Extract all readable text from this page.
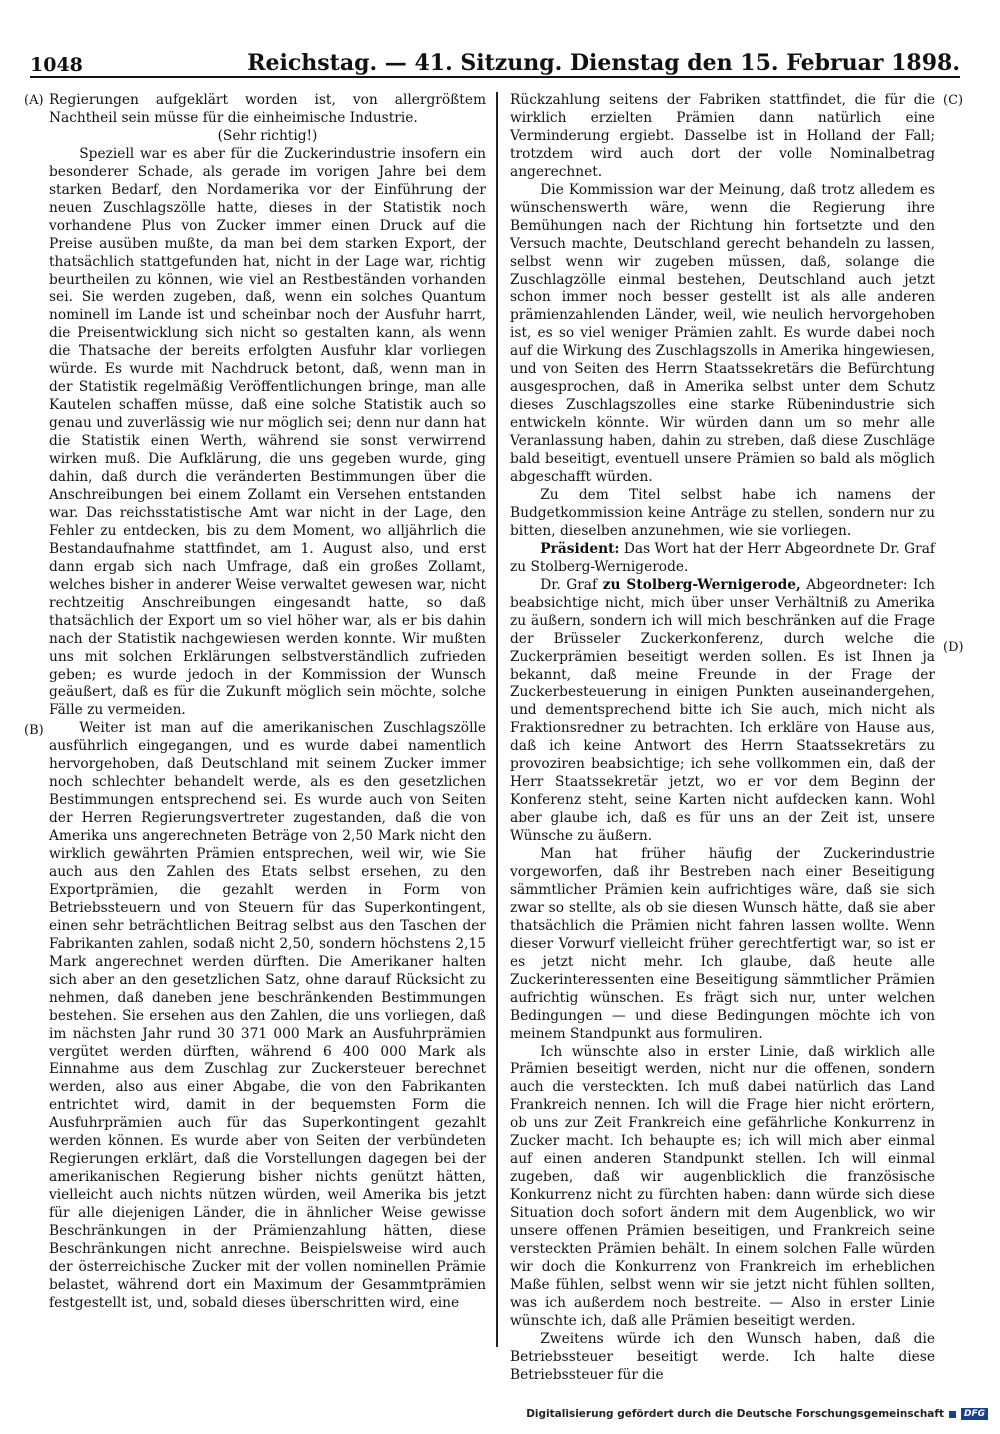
1048	Reichstag. — 41. Sitzung. Dienstag den 15. Februar 1898.
(A)
(B)
(C)
(D)

Regierungen aufgeklärt worden ist, von allergrößtem Nachtheil sein müsse für die einheimische Industrie.

(Sehr richtig!)

Speziell war es aber für die Zuckerindustrie insofern ein besonderer Schade, als gerade im vorigen Jahre bei dem starken Bedarf, den Nordamerika vor der Einführung der neuen Zuschlagszölle hatte, dieses in der Statistik noch vorhandene Plus von Zucker immer einen Druck auf die Preise ausüben mußte, da man bei dem starken Export, der thatsächlich stattgefunden hat, nicht in der Lage war, richtig beurtheilen zu können, wie viel an Restbeständen vorhanden sei. Sie werden zugeben, daß, wenn ein solches Quantum nominell im Lande ist und scheinbar noch der Ausfuhr harrt, die Preisentwicklung sich nicht so gestalten kann, als wenn die Thatsache der bereits erfolgten Ausfuhr klar vorliegen würde. Es wurde mit Nachdruck betont, daß, wenn man in der Statistik regelmäßig Veröffentlichungen bringe, man alle Kautelen schaffen müsse, daß eine solche Statistik auch so genau und zuverlässig wie nur möglich sei; denn nur dann hat die Statistik einen Werth, während sie sonst verwirrend wirken muß. Die Aufklärung, die uns gegeben wurde, ging dahin, daß durch die veränderten Bestimmungen über die Anschreibungen bei einem Zollamt ein Versehen entstanden war. Das reichsstatistische Amt war nicht in der Lage, den Fehler zu entdecken, bis zu dem Moment, wo alljährlich die Bestandaufnahme stattfindet, am 1. August also, und erst dann ergab sich nach Umfrage, daß ein großes Zollamt, welches bisher in anderer Weise verwaltet gewesen war, nicht rechtzeitig Anschreibungen eingesandt hatte, so daß thatsächlich der Export um so viel höher war, als er bis dahin nach der Statistik nachgewiesen werden konnte. Wir mußten uns mit solchen Erklärungen selbstverständlich zufrieden geben; es wurde jedoch in der Kommission der Wunsch geäußert, daß es für die Zukunft möglich sein möchte, solche Fälle zu vermeiden.

Weiter ist man auf die amerikanischen Zuschlagszölle ausführlich eingegangen, und es wurde dabei namentlich hervorgehoben, daß Deutschland mit seinem Zucker immer noch schlechter behandelt werde, als es den gesetzlichen Bestimmungen entsprechend sei. Es wurde auch von Seiten der Herren Regierungsvertreter zugestanden, daß die von Amerika uns angerechneten Beträge von 2,50 Mark nicht den wirklich gewährten Prämien entsprechen, weil wir, wie Sie auch aus den Zahlen des Etats selbst ersehen, zu den Exportprämien, die gezahlt werden in Form von Betriebssteuern und von Steuern für das Superkontingent, einen sehr beträchtlichen Beitrag selbst aus den Taschen der Fabrikanten zahlen, sodaß nicht 2,50, sondern höchstens 2,15 Mark angerechnet werden dürften. Die Amerikaner halten sich aber an den gesetzlichen Satz, ohne darauf Rücksicht zu nehmen, daß daneben jene beschränkenden Bestimmungen bestehen. Sie ersehen aus den Zahlen, die uns vorliegen, daß im nächsten Jahr rund 30 371 000 Mark an Ausfuhrprämien vergütet werden dürften, während 6 400 000 Mark als Einnahme aus dem Zuschlag zur Zuckersteuer berechnet werden, also aus einer Abgabe, die von den Fabrikanten entrichtet wird, damit in der bequemsten Form die Ausfuhrprämien auch für das Superkontingent gezahlt werden können. Es wurde aber von Seiten der verbündeten Regierungen erklärt, daß die Vorstellungen dagegen bei der amerikanischen Regierung bisher nichts genützt hätten, vielleicht auch nichts nützen würden, weil Amerika bis jetzt für alle diejenigen Länder, die in ähnlicher Weise gewisse Beschränkungen in der Prämienzahlung hätten, diese Beschränkungen nicht anrechne. Beispielsweise wird auch der österreichische Zucker mit der vollen nominellen Prämie belastet, während dort ein Maximum der Gesammtprämien festgestellt ist, und, sobald dieses überschritten wird, eine

Rückzahlung seitens der Fabriken stattfindet, die für die wirklich erzielten Prämien dann natürlich eine Verminderung ergiebt. Dasselbe ist in Holland der Fall; trotzdem wird auch dort der volle Nominalbetrag angerechnet.

Die Kommission war der Meinung, daß trotz alledem es wünschenswerth wäre, wenn die Regierung ihre Bemühungen nach der Richtung hin fortsetzte und den Versuch machte, Deutschland gerecht behandeln zu lassen, selbst wenn wir zugeben müssen, daß, solange die Zuschlagzölle einmal bestehen, Deutschland auch jetzt schon immer noch besser gestellt ist als alle anderen prämienzahlenden Länder, weil, wie neulich hervorgehoben ist, es so viel weniger Prämien zahlt. Es wurde dabei noch auf die Wirkung des Zuschlagszolls in Amerika hingewiesen, und von Seiten des Herrn Staatssekretärs die Befürchtung ausgesprochen, daß in Amerika selbst unter dem Schutz dieses Zuschlagszolles eine starke Rübenindustrie sich entwickeln könnte. Wir würden dann um so mehr alle Veranlassung haben, dahin zu streben, daß diese Zuschläge bald beseitigt, eventuell unsere Prämien so bald als möglich abgeschafft würden.

Zu dem Titel selbst habe ich namens der Budgetkommission keine Anträge zu stellen, sondern nur zu bitten, dieselben anzunehmen, wie sie vorliegen.

Präsident: Das Wort hat der Herr Abgeordnete Dr. Graf zu Stolberg-Wernigerode.

Dr. Graf zu Stolberg-Wernigerode, Abgeordneter: Ich beabsichtige nicht, mich über unser Verhältniß zu Amerika zu äußern, sondern ich will mich beschränken auf die Frage der Brüsseler Zuckerkonferenz, durch welche die Zuckerprämien beseitigt werden sollen. Es ist Ihnen ja bekannt, daß meine Freunde in der Frage der Zuckerbesteuerung in einigen Punkten auseinandergehen, und dementsprechend bitte ich Sie auch, mich nicht als Fraktionsredner zu betrachten. Ich erkläre von Hause aus, daß ich keine Antwort des Herrn Staatssekretärs zu provoziren beabsichtige; ich sehe vollkommen ein, daß der Herr Staatssekretär jetzt, wo er vor dem Beginn der Konferenz steht, seine Karten nicht aufdecken kann. Wohl aber glaube ich, daß es für uns an der Zeit ist, unsere Wünsche zu äußern.

Man hat früher häufig der Zuckerindustrie vorgeworfen, daß ihr Bestreben nach einer Beseitigung sämmtlicher Prämien kein aufrichtiges wäre, daß sie sich zwar so stellte, als ob sie diesen Wunsch hätte, daß sie aber thatsächlich die Prämien nicht fahren lassen wollte. Wenn dieser Vorwurf vielleicht früher gerechtfertigt war, so ist er es jetzt nicht mehr. Ich glaube, daß heute alle Zuckerinteressenten eine Beseitigung sämmtlicher Prämien aufrichtig wünschen. Es frägt sich nur, unter welchen Bedingungen — und diese Bedingungen möchte ich von meinem Standpunkt aus formuliren.

Ich wünschte also in erster Linie, daß wirklich alle Prämien beseitigt werden, nicht nur die offenen, sondern auch die versteckten. Ich muß dabei natürlich das Land Frankreich nennen. Ich will die Frage hier nicht erörtern, ob uns zur Zeit Frankreich eine gefährliche Konkurrenz in Zucker macht. Ich behaupte es; ich will mich aber einmal auf einen anderen Standpunkt stellen. Ich will einmal zugeben, daß wir augenblicklich die französische Konkurrenz nicht zu fürchten haben: dann würde sich diese Situation doch sofort ändern mit dem Augenblick, wo wir unsere offenen Prämien beseitigen, und Frankreich seine versteckten Prämien behält. In einem solchen Falle würden wir doch die Konkurrenz von Frankreich im erheblichen Maße fühlen, selbst wenn wir sie jetzt nicht fühlen sollten, was ich außerdem noch bestreite. — Also in erster Linie wünschte ich, daß alle Prämien beseitigt werden.

Zweitens würde ich den Wunsch haben, daß die Betriebssteuer beseitigt werde. Ich halte diese Betriebssteuer für die

Digitalisierung gefördert durch die Deutsche Forschungsgemeinschaft	DFG
